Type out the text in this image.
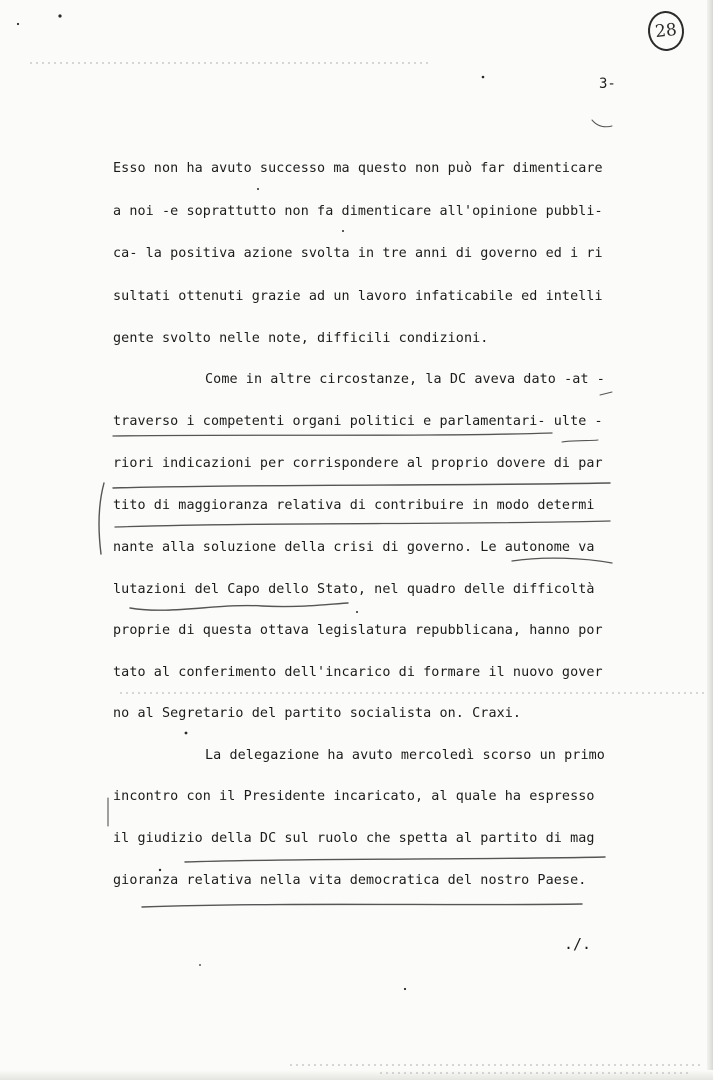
28
3-
Esso non ha avuto successo ma questo non può far dimenticare
a noi -e soprattutto non fa dimenticare all'opinione pubbli-
ca- la positiva azione svolta in tre anni di governo ed i ri
sultati ottenuti grazie ad un lavoro infaticabile ed intelli
gente svolto nelle note, difficili condizioni.
Come in altre circostanze, la DC aveva dato -at -
traverso i competenti organi politici e parlamentari- ulte -
riori indicazioni per corrispondere al proprio dovere di par
tito di maggioranza relativa di contribuire in modo determi
nante alla soluzione della crisi di governo. Le autonome va
lutazioni del Capo dello Stato, nel quadro delle difficoltà
proprie di questa ottava legislatura repubblicana, hanno por
tato al conferimento dell'incarico di formare il nuovo gover
no al Segretario del partito socialista on. Craxi.
La delegazione ha avuto mercoledì scorso un primo
incontro con il Presidente incaricato, al quale ha espresso
il giudizio della DC sul ruolo che spetta al partito di mag
gioranza relativa nella vita democratica del nostro Paese.
./.
